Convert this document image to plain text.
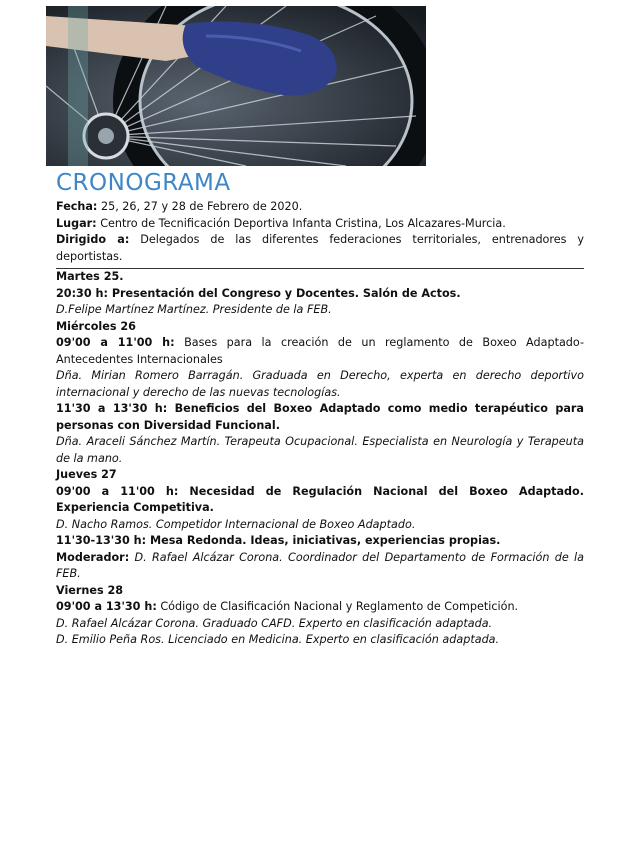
CRONOGRAMA

Fecha: 25, 26, 27 y 28 de Febrero de 2020.

Lugar: Centro de Tecnificación Deportiva Infanta Cristina, Los Alcazares-Murcia.

Dirigido a: Delegados de las diferentes federaciones territoriales, entrenadores y deportistas.

Martes 25.

20:30 h: Presentación del Congreso y Docentes. Salón de Actos.

D.Felipe Martínez Martínez. Presidente de la FEB.

Miércoles 26

09'00 a 11'00 h: Bases para la creación de un reglamento de Boxeo Adaptado- Antecedentes Internacionales

Dña. Mirian Romero Barragán. Graduada en Derecho, experta en derecho deportivo internacional y derecho de las nuevas tecnologías.

11'30 a 13'30 h: Beneficios del Boxeo Adaptado como medio terapéutico para personas con Diversidad Funcional.

Dña. Araceli Sánchez Martín. Terapeuta Ocupacional. Especialista en Neurología y Terapeuta de la mano.

Jueves 27

09'00 a 11'00 h: Necesidad de Regulación Nacional del Boxeo Adaptado. Experiencia Competitiva.

D. Nacho Ramos. Competidor Internacional de Boxeo Adaptado.

11'30-13'30 h: Mesa Redonda. Ideas, iniciativas, experiencias propias.

Moderador: D. Rafael Alcázar Corona. Coordinador del Departamento de Formación de la FEB.

Viernes 28

09'00 a 13'30 h: Código de Clasificación Nacional y Reglamento de Competición.

D. Rafael Alcázar Corona. Graduado CAFD. Experto en clasificación adaptada.

D. Emilio Peña Ros. Licenciado en Medicina. Experto en clasificación adaptada.
